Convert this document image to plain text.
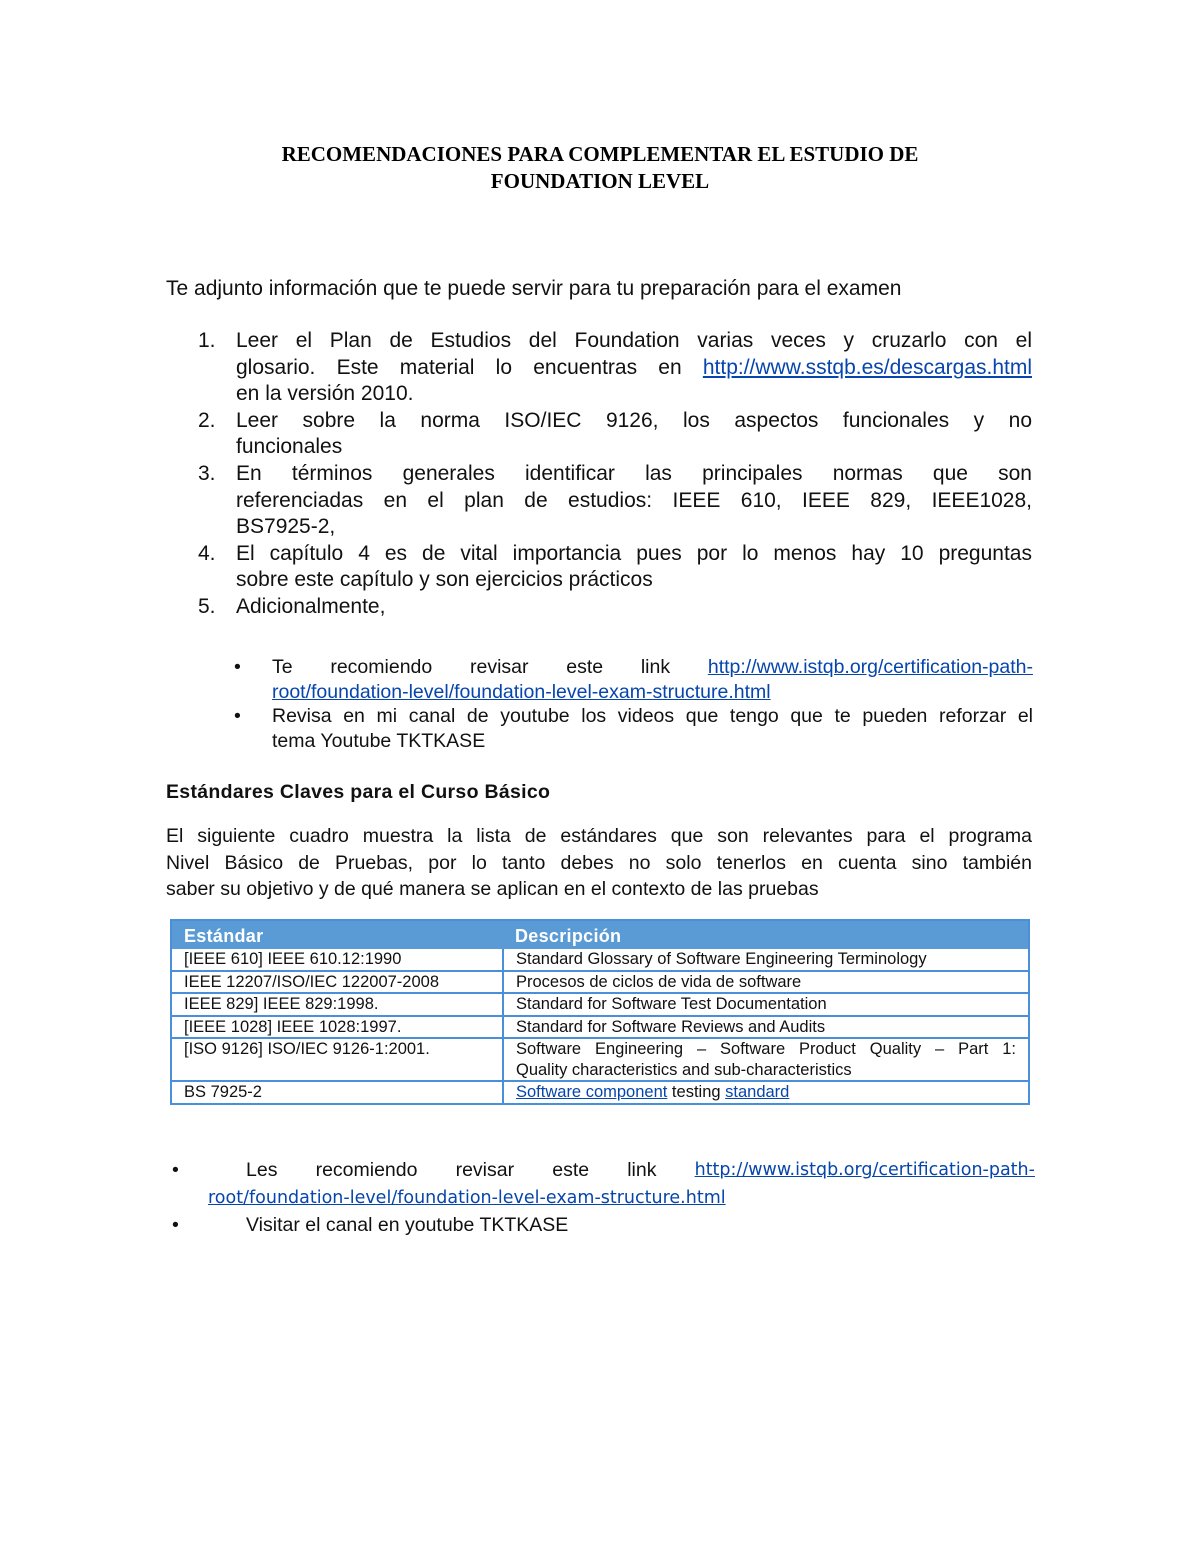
RECOMENDACIONES PARA COMPLEMENTAR EL ESTUDIO DE
FOUNDATION LEVEL
Te adjunto información que te puede servir para tu preparación para el examen
1. Leer el Plan de Estudios del Foundation varias veces y cruzarlo con el
glosario. Este material lo encuentras en http://www.sstqb.es/descargas.html
en la versión 2010.
2. Leer sobre la norma ISO/IEC 9126, los aspectos funcionales y no
funcionales
3. En términos generales identificar las principales normas que son
referenciadas en el plan de estudios: IEEE 610, IEEE 829, IEEE1028,
BS7925-2,
4. El capítulo 4 es de vital importancia pues por lo menos hay 10 preguntas
sobre este capítulo y son ejercicios prácticos
5. Adicionalmente,
• Te recomiendo revisar este link http://www.istqb.org/certification-path-
root/foundation-level/foundation-level-exam-structure.html
• Revisa en mi canal de youtube los videos que tengo que te pueden reforzar el
tema Youtube TKTKASE
Estándares Claves para el Curso Básico
El siguiente cuadro muestra la lista de estándares que son relevantes para el programa
Nivel Básico de Pruebas, por lo tanto debes no solo tenerlos en cuenta sino también
saber su objetivo y de qué manera se aplican en el contexto de las pruebas
Estándar	Descripción
[IEEE 610] IEEE 610.12:1990	Standard Glossary of Software Engineering Terminology
IEEE 12207/ISO/IEC 122007-2008	Procesos de ciclos de vida de software
IEEE 829] IEEE 829:1998.	Standard for Software Test Documentation
[IEEE 1028] IEEE 1028:1997.	Standard for Software Reviews and Audits
[ISO 9126] ISO/IEC 9126-1:2001.	Software Engineering – Software Product Quality – Part 1:
Quality characteristics and sub-characteristics
BS 7925-2	Software component testing standard
•	Les recomiendo revisar este link http://www.istqb.org/certification-path-
root/foundation-level/foundation-level-exam-structure.html
•	Visitar el canal en youtube TKTKASE
